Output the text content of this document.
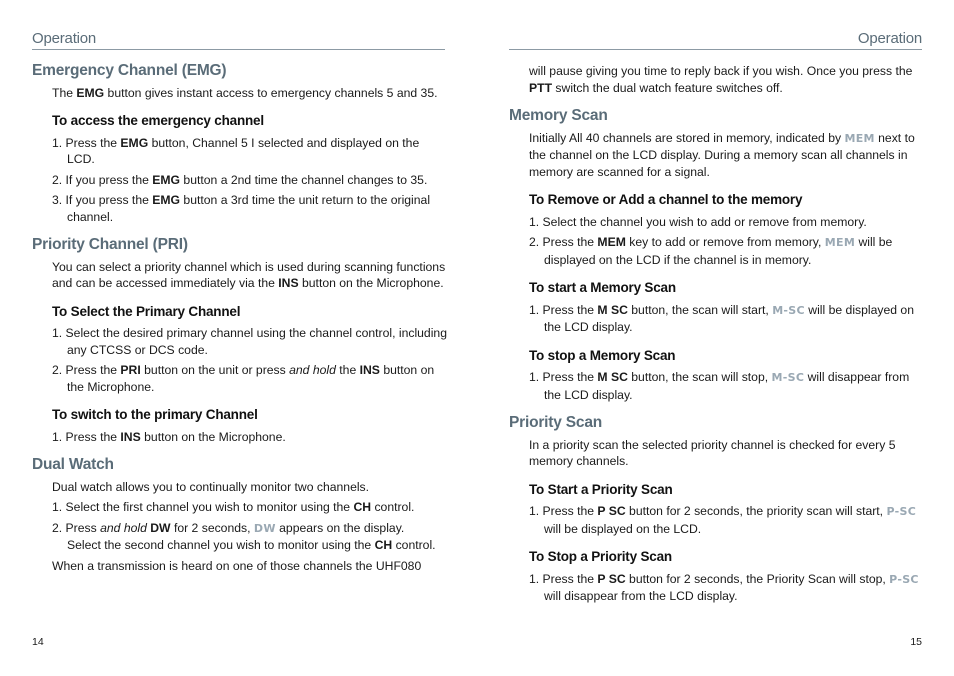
Operation
Emergency Channel (EMG)
The EMG button gives instant access to emergency channels 5 and 35.
To access the emergency channel
1. Press the EMG button, Channel 5 I selected and displayed on the LCD.
2. If you press the EMG button a 2nd time the channel changes to 35.
3. If you press the EMG button a 3rd time the unit return to the original channel.
Priority Channel (PRI)
You can select a priority channel which is used during scanning functions and can be accessed immediately via the INS button on the Microphone.
To Select the Primary Channel
1. Select the desired primary channel using the channel control, including any CTCSS or DCS code.
2. Press the PRI button on the unit or press and hold the INS button on the Microphone.
To switch to the primary Channel
1. Press the INS button on the Microphone.
Dual Watch
Dual watch allows you to continually monitor two channels.
1. Select the first channel you wish to monitor using the CH control.
2. Press and hold DW for 2 seconds, DW appears on the display.
Select the second channel you wish to monitor using the CH control.
When a transmission is heard on one of those channels the UHF080
14
Operation
will pause giving you time to reply back if you wish. Once you press the PTT switch the dual watch feature switches off.
Memory Scan
Initially All 40 channels are stored in memory, indicated by MEM next to the channel on the LCD display. During a memory scan all channels in memory are scanned for a signal.
To Remove or Add a channel to the memory
1. Select the channel you wish to add or remove from memory.
2. Press the MEM key to add or remove from memory, MEM will be displayed on the LCD if the channel is in memory.
To start a Memory Scan
1. Press the M SC button, the scan will start, M-SC will be displayed on the LCD display.
To stop a Memory Scan
1. Press the M SC button, the scan will stop, M-SC will disappear from the LCD display.
Priority Scan
In a priority scan the selected priority channel is checked for every 5 memory channels.
To Start a Priority Scan
1. Press the P SC button for 2 seconds, the priority scan will start, P-SC will be displayed on the LCD.
To Stop a Priority Scan
1. Press the P SC button for 2 seconds, the Priority Scan will stop, P-SC will disappear from the LCD display.
15
